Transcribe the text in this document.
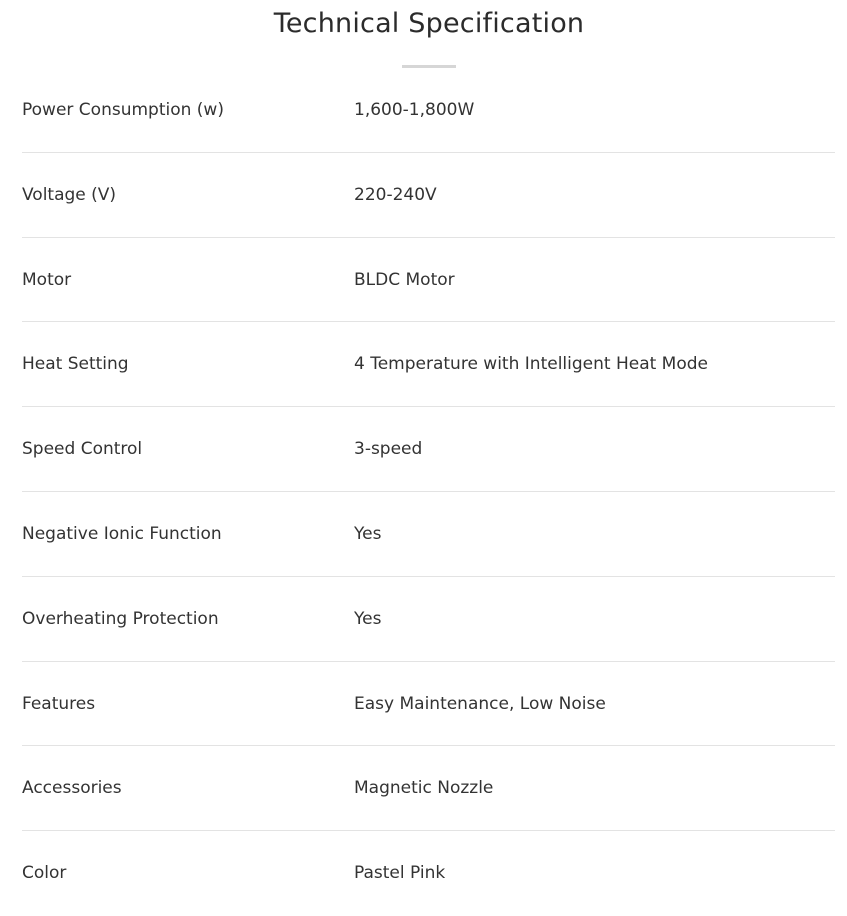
Technical Specification
Power Consumption (w)	1,600-1,800W
Voltage (V)	220-240V
Motor	BLDC Motor
Heat Setting	4 Temperature with Intelligent Heat Mode
Speed Control	3-speed
Negative Ionic Function	Yes
Overheating Protection	Yes
Features	Easy Maintenance, Low Noise
Accessories	Magnetic Nozzle
Color	Pastel Pink
